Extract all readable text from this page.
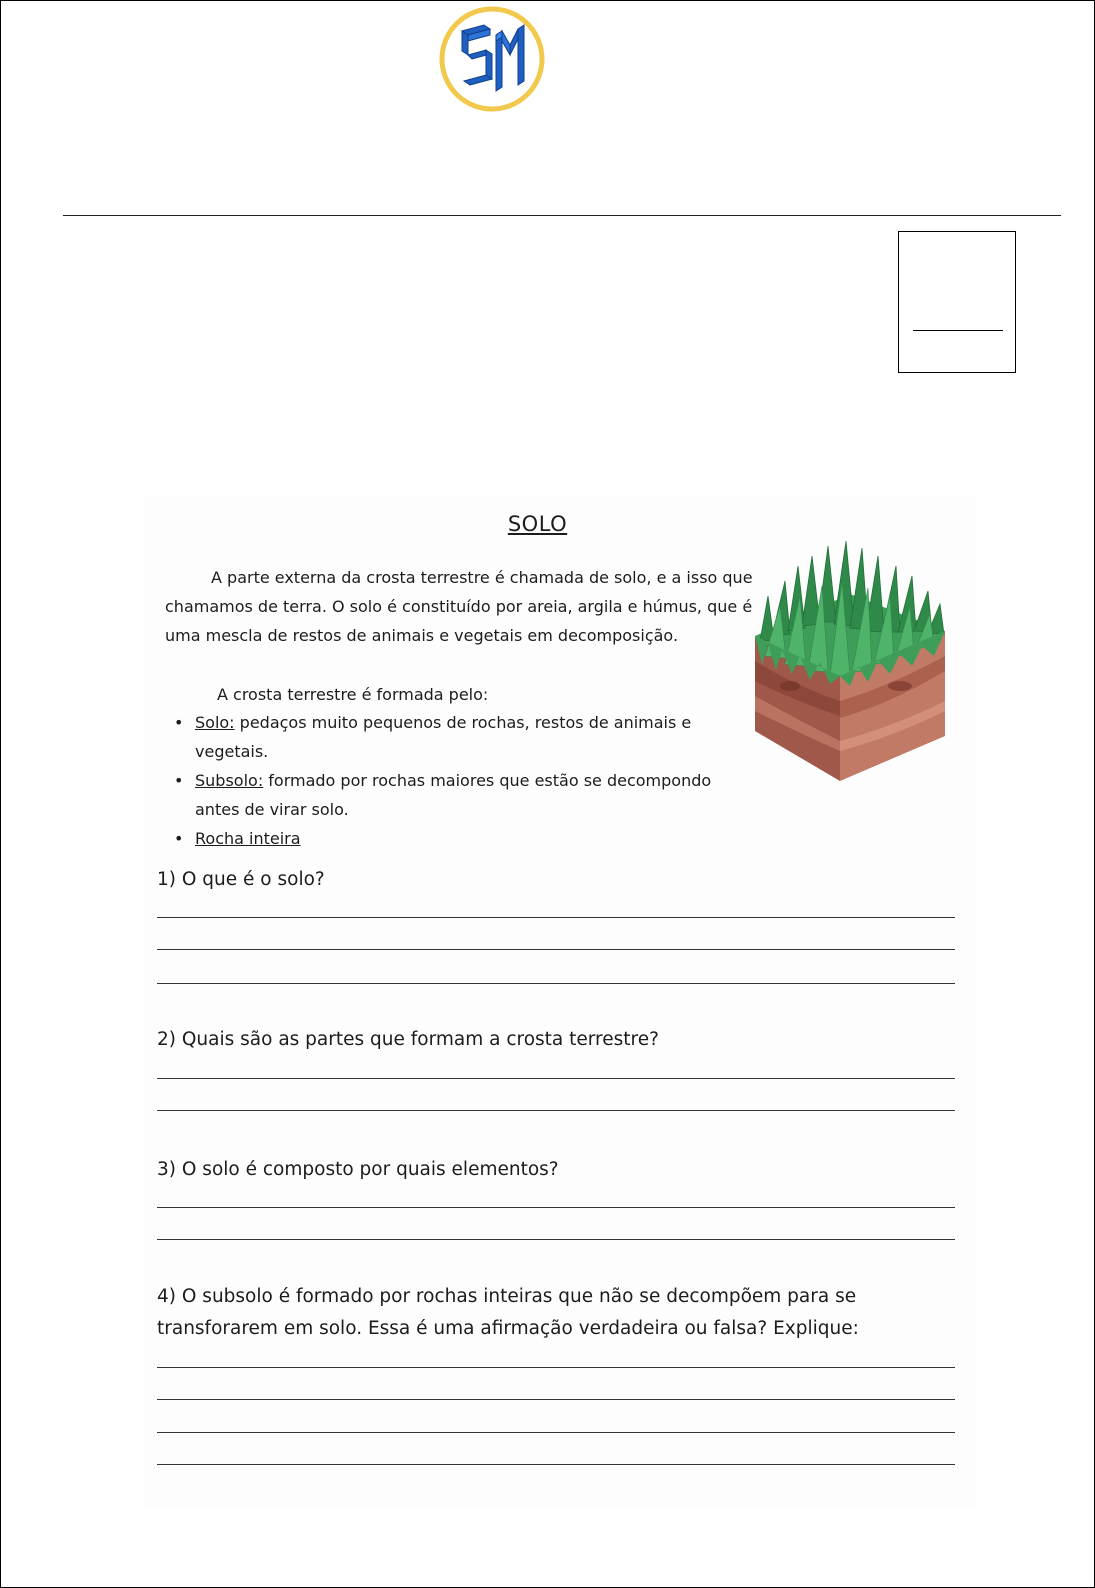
SOLO

A parte externa da crosta terrestre é chamada de solo, e a isso que chamamos de terra. O solo é constituído por areia, argila e húmus, que é uma mescla de restos de animais e vegetais em decomposição.

A crosta terrestre é formada pelo:
• Solo: pedaços muito pequenos de rochas, restos de animais e vegetais.
• Subsolo: formado por rochas maiores que estão se decompondo antes de virar solo.
• Rocha inteira

1) O que é o solo?

2) Quais são as partes que formam a crosta terrestre?

3) O solo é composto por quais elementos?

4) O subsolo é formado por rochas inteiras que não se decompõem para se transforarem em solo. Essa é uma afirmação verdadeira ou falsa? Explique:
